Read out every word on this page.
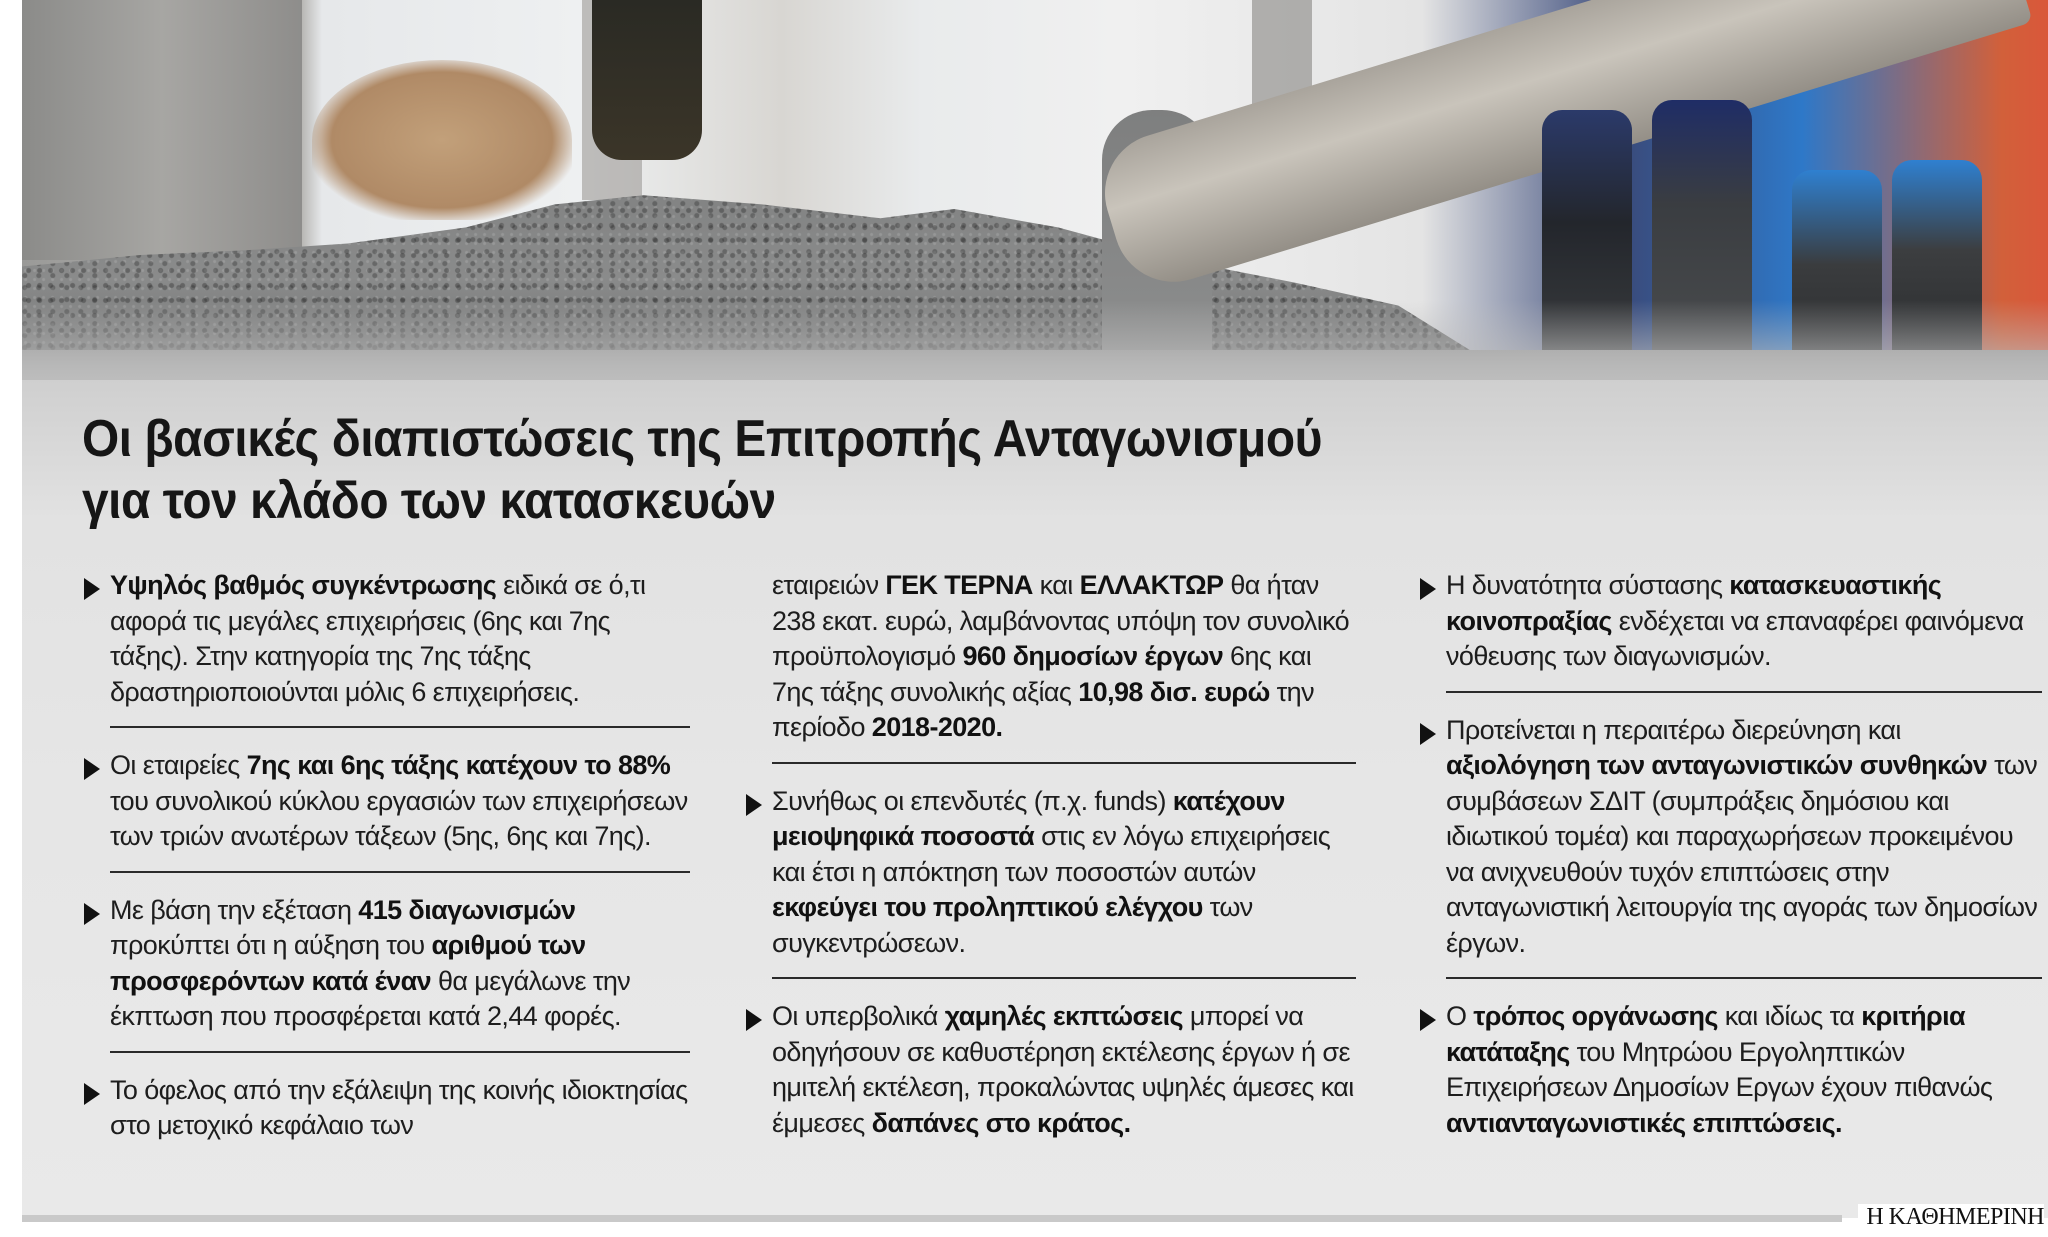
Οι βασικές διαπιστώσεις της Επιτροπής Ανταγωνισμού
για τον κλάδο των κατασκευών

Υψηλός βαθμός συγκέντρωσης ειδικά σε ό,τι αφορά τις μεγάλες επιχειρήσεις (6ης και 7ης τάξης). Στην κατηγορία της 7ης τάξης δραστηριοποιούνται μόλις 6 επιχειρήσεις.

Οι εταιρείες 7ης και 6ης τάξης κατέχουν το 88% του συνολικού κύκλου εργασιών των επιχειρήσεων των τριών ανωτέρων τάξεων (5ης, 6ης και 7ης).

Με βάση την εξέταση 415 διαγωνισμών προκύπτει ότι η αύξηση του αριθμού των προσφερόντων κατά έναν θα μεγάλωνε την έκπτωση που προσφέρεται κατά 2,44 φορές.

Το όφελος από την εξάλειψη της κοινής ιδιοκτησίας στο μετοχικό κεφάλαιο των

εταιρειών ΓΕΚ ΤΕΡΝΑ και ΕΛΛΑΚΤΩΡ θα ήταν 238 εκατ. ευρώ, λαμβάνοντας υπόψη τον συνολικό προϋπολογισμό 960 δημοσίων έργων 6ης και 7ης τάξης συνολικής αξίας 10,98 δισ. ευρώ την περίοδο 2018-2020.

Συνήθως οι επενδυτές (π.χ. funds) κατέχουν μειοψηφικά ποσοστά στις εν λόγω επιχειρήσεις και έτσι η απόκτηση των ποσοστών αυτών εκφεύγει του προληπτικού ελέγχου των συγκεντρώσεων.

Οι υπερβολικά χαμηλές εκπτώσεις μπορεί να οδηγήσουν σε καθυστέρηση εκτέλεσης έργων ή σε ημιτελή εκτέλεση, προκαλώντας υψηλές άμεσες και έμμεσες δαπάνες στο κράτος.

Η δυνατότητα σύστασης κατασκευαστικής κοινοπραξίας ενδέχεται να επαναφέρει φαινόμενα νόθευσης των διαγωνισμών.

Προτείνεται η περαιτέρω διερεύνηση και αξιολόγηση των ανταγωνιστικών συνθηκών των συμβάσεων ΣΔΙΤ (συμπράξεις δημόσιου και ιδιωτικού τομέα) και παραχωρήσεων προκειμένου να ανιχνευθούν τυχόν επιπτώσεις στην ανταγωνιστική λειτουργία της αγοράς των δημοσίων έργων.

Ο τρόπος οργάνωσης και ιδίως τα κριτήρια κατάταξης του Μητρώου Εργοληπτικών Επιχειρήσεων Δημοσίων Εργων έχουν πιθανώς αντιανταγωνιστικές επιπτώσεις.

Η ΚΑΘΗΜΕΡΙΝΗ
